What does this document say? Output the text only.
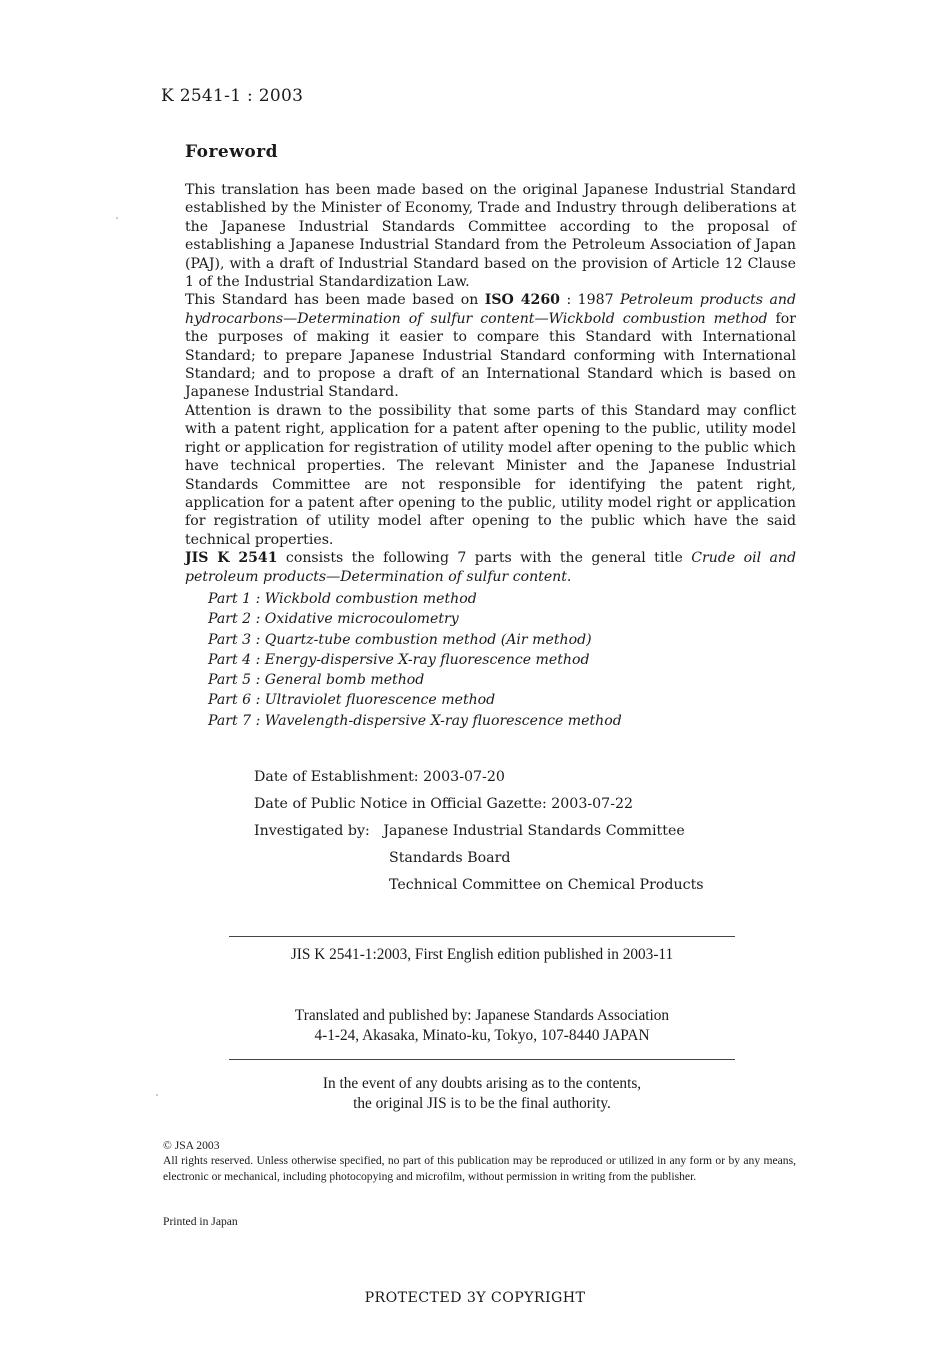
K 2541-1 : 2003
Foreword

This translation has been made based on the original Japanese Industrial Standard established by the Minister of Economy, Trade and Industry through deliberations at the Japanese Industrial Standards Committee according to the proposal of establishing a Japanese Industrial Standard from the Petroleum Association of Japan (PAJ), with a draft of Industrial Standard based on the provision of Article 12 Clause 1 of the Industrial Standardization Law.

This Standard has been made based on ISO 4260 : 1987 Petroleum products and hydrocarbons—Determination of sulfur content—Wickbold combustion method for the purposes of making it easier to compare this Standard with International Standard; to prepare Japanese Industrial Standard conforming with International Standard; and to propose a draft of an International Standard which is based on Japanese Industrial Standard.

Attention is drawn to the possibility that some parts of this Standard may conflict with a patent right, application for a patent after opening to the public, utility model right or application for registration of utility model after opening to the public which have technical properties. The relevant Minister and the Japanese Industrial Standards Committee are not responsible for identifying the patent right, application for a patent after opening to the public, utility model right or application for registration of utility model after opening to the public which have the said technical properties.

JIS K 2541 consists the following 7 parts with the general title Crude oil and petroleum products—Determination of sulfur content.

Part 1 : Wickbold combustion method
Part 2 : Oxidative microcoulometry
Part 3 : Quartz-tube combustion method (Air method)
Part 4 : Energy-dispersive X-ray fluorescence method
Part 5 : General bomb method
Part 6 : Ultraviolet fluorescence method
Part 7 : Wavelength-dispersive X-ray fluorescence method
Date of Establishment: 2003-07-20
Date of Public Notice in Official Gazette: 2003-07-22
Investigated by: Japanese Industrial Standards Committee
Standards Board
Technical Committee on Chemical Products
JIS K 2541-1:2003, First English edition published in 2003-11
Translated and published by: Japanese Standards Association
4-1-24, Akasaka, Minato-ku, Tokyo, 107-8440 JAPAN
In the event of any doubts arising as to the contents,
the original JIS is to be the final authority.

© JSA 2003

All rights reserved. Unless otherwise specified, no part of this publication may be reproduced or utilized in any form or by any means, electronic or mechanical, including photocopying and microfilm, without permission in writing from the publisher.

Printed in Japan
PROTECTED 3Y COPYRIGHT
